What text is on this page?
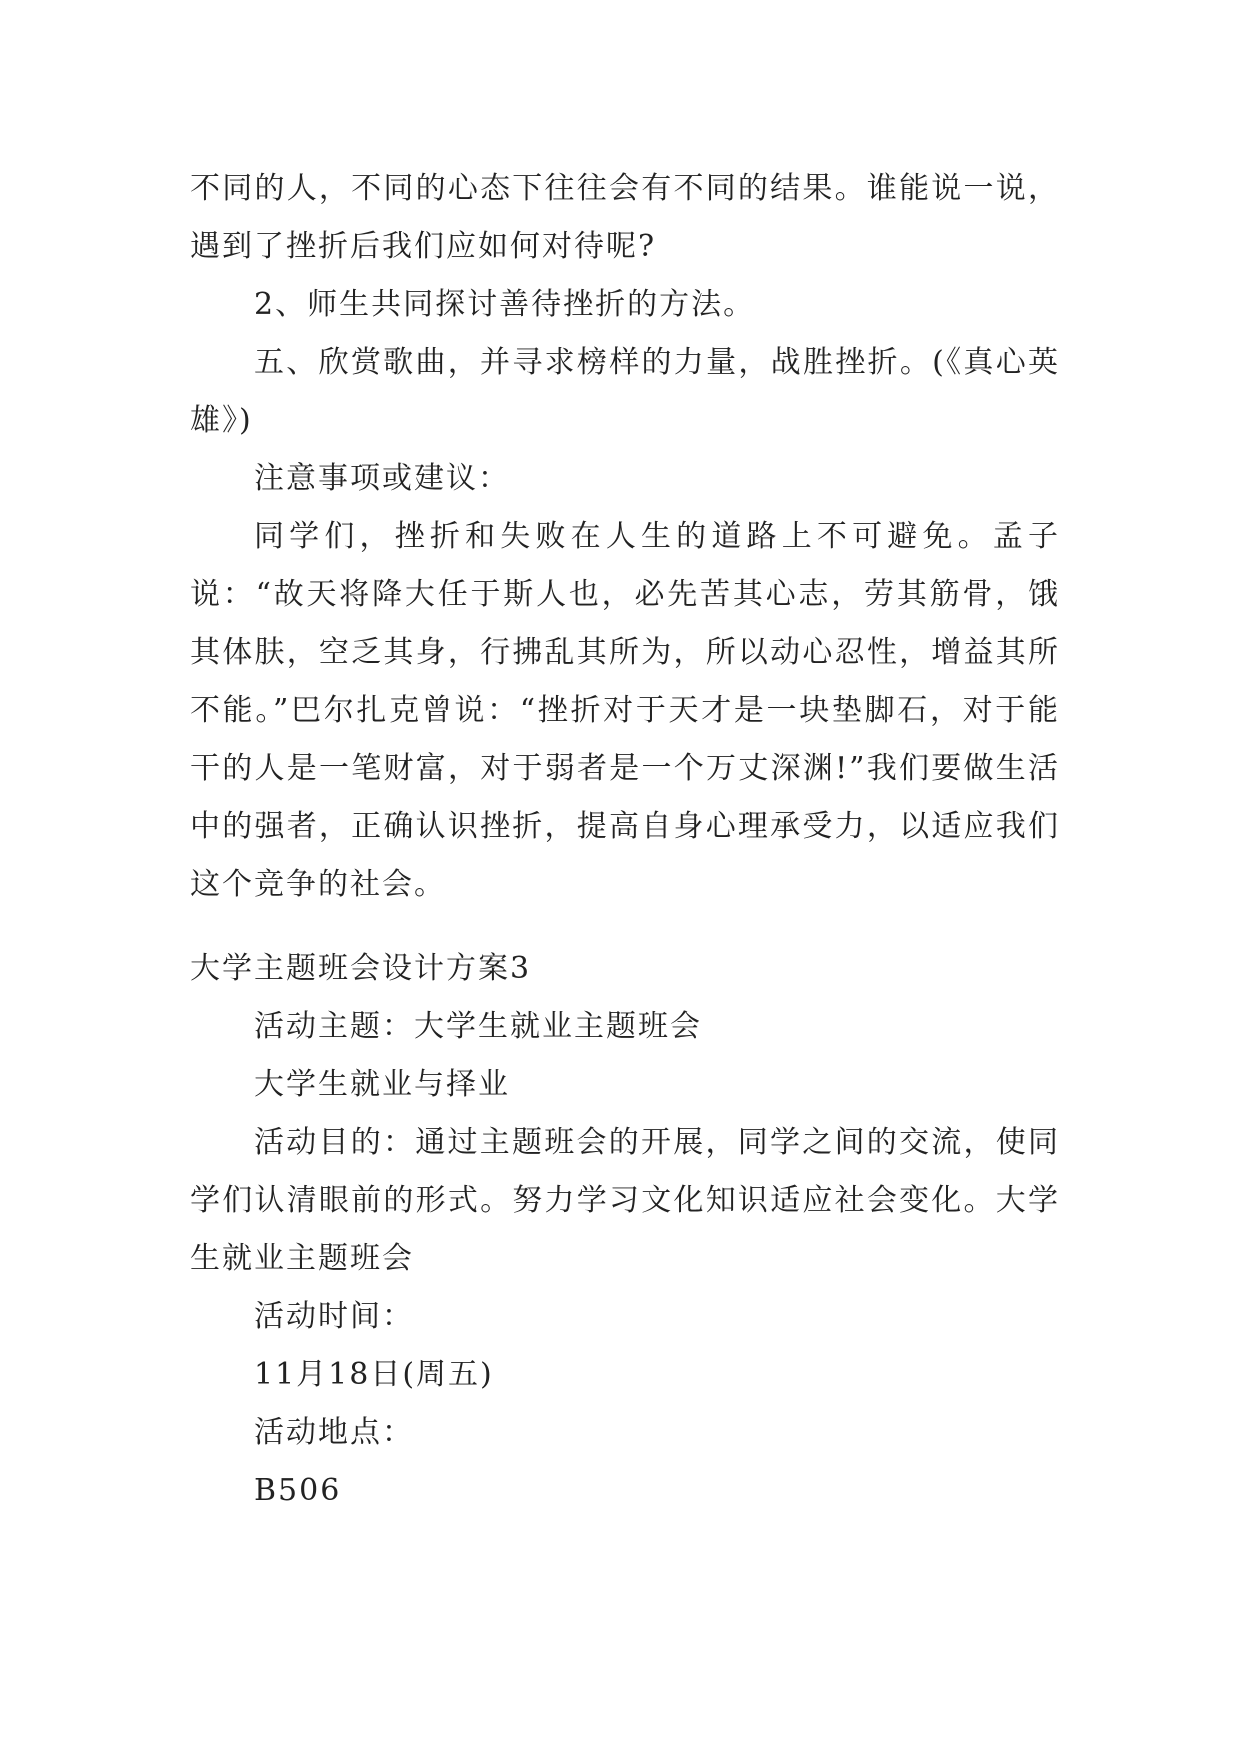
不同的人，不同的心态下往往会有不同的结果。谁能说一说，遇到了挫折后我们应如何对待呢?

2、师生共同探讨善待挫折的方法。

五、欣赏歌曲，并寻求榜样的力量，战胜挫折。(《真心英雄》)

注意事项或建议：

同学们，挫折和失败在人生的道路上不可避免。孟子说：“故天将降大任于斯人也，必先苦其心志，劳其筋骨，饿其体肤，空乏其身，行拂乱其所为，所以动心忍性，增益其所不能。”巴尔扎克曾说：“挫折对于天才是一块垫脚石，对于能干的人是一笔财富，对于弱者是一个万丈深渊!”我们要做生活中的强者，正确认识挫折，提高自身心理承受力，以适应我们这个竞争的社会。

大学主题班会设计方案3

活动主题：大学生就业主题班会

大学生就业与择业

活动目的：通过主题班会的开展，同学之间的交流，使同学们认清眼前的形式。努力学习文化知识适应社会变化。大学生就业主题班会

活动时间：

11月18日(周五)

活动地点：

B506
